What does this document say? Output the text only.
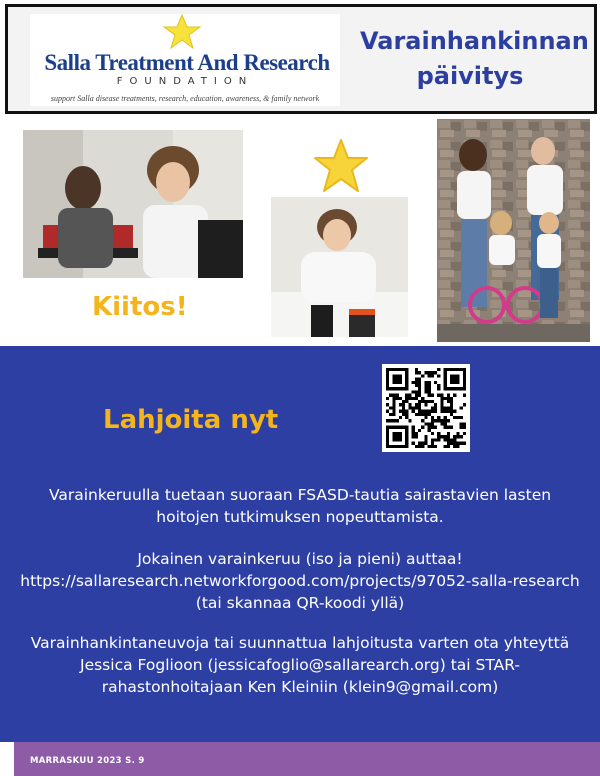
Salla Treatment And Research
FOUNDATION
support Salla disease treatments, research, education, awareness, & family network
Varainhankinnan päivitys
Kiitos!
Lahjoita nyt
Varainkeruulla tuetaan suoraan FSASD-tautia sairastavien lasten hoitojen tutkimuksen nopeuttamista.
Jokainen varainkeruu (iso ja pieni) auttaa!
https://sallaresearch.networkforgood.com/projects/97052-salla-research (tai skannaa QR-koodi yllä)
Varainhankintaneuvoja tai suunnattua lahjoitusta varten ota yhteyttä Jessica Foglioon (jessicafoglio@sallarearch.org) tai STAR-rahastonhoitajaan Ken Kleiniin (klein9@gmail.com)
MARRASKUU 2023 S. 9
